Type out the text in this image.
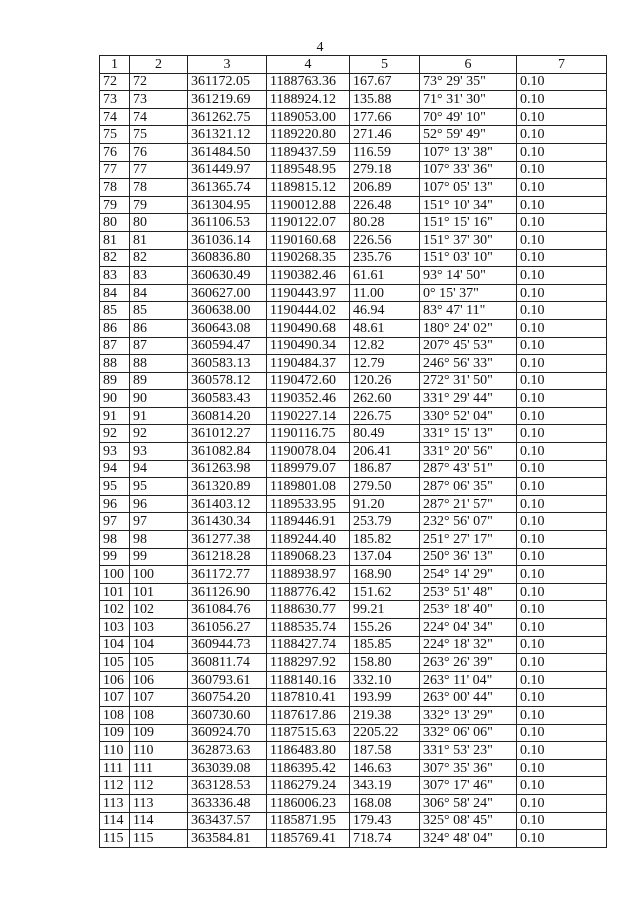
4
1	2	3	4	5	6	7
72	72	361172.05	1188763.36	167.67	73° 29' 35"	0.10
73	73	361219.69	1188924.12	135.88	71° 31' 30"	0.10
74	74	361262.75	1189053.00	177.66	70° 49' 10"	0.10
75	75	361321.12	1189220.80	271.46	52° 59' 49"	0.10
76	76	361484.50	1189437.59	116.59	107° 13' 38"	0.10
77	77	361449.97	1189548.95	279.18	107° 33' 36"	0.10
78	78	361365.74	1189815.12	206.89	107° 05' 13"	0.10
79	79	361304.95	1190012.88	226.48	151° 10' 34"	0.10
80	80	361106.53	1190122.07	80.28	151° 15' 16"	0.10
81	81	361036.14	1190160.68	226.56	151° 37' 30"	0.10
82	82	360836.80	1190268.35	235.76	151° 03' 10"	0.10
83	83	360630.49	1190382.46	61.61	93° 14' 50"	0.10
84	84	360627.00	1190443.97	11.00	0° 15' 37"	0.10
85	85	360638.00	1190444.02	46.94	83° 47' 11"	0.10
86	86	360643.08	1190490.68	48.61	180° 24' 02"	0.10
87	87	360594.47	1190490.34	12.82	207° 45' 53"	0.10
88	88	360583.13	1190484.37	12.79	246° 56' 33"	0.10
89	89	360578.12	1190472.60	120.26	272° 31' 50"	0.10
90	90	360583.43	1190352.46	262.60	331° 29' 44"	0.10
91	91	360814.20	1190227.14	226.75	330° 52' 04"	0.10
92	92	361012.27	1190116.75	80.49	331° 15' 13"	0.10
93	93	361082.84	1190078.04	206.41	331° 20' 56"	0.10
94	94	361263.98	1189979.07	186.87	287° 43' 51"	0.10
95	95	361320.89	1189801.08	279.50	287° 06' 35"	0.10
96	96	361403.12	1189533.95	91.20	287° 21' 57"	0.10
97	97	361430.34	1189446.91	253.79	232° 56' 07"	0.10
98	98	361277.38	1189244.40	185.82	251° 27' 17"	0.10
99	99	361218.28	1189068.23	137.04	250° 36' 13"	0.10
100	100	361172.77	1188938.97	168.90	254° 14' 29"	0.10
101	101	361126.90	1188776.42	151.62	253° 51' 48"	0.10
102	102	361084.76	1188630.77	99.21	253° 18' 40"	0.10
103	103	361056.27	1188535.74	155.26	224° 04' 34"	0.10
104	104	360944.73	1188427.74	185.85	224° 18' 32"	0.10
105	105	360811.74	1188297.92	158.80	263° 26' 39"	0.10
106	106	360793.61	1188140.16	332.10	263° 11' 04"	0.10
107	107	360754.20	1187810.41	193.99	263° 00' 44"	0.10
108	108	360730.60	1187617.86	219.38	332° 13' 29"	0.10
109	109	360924.70	1187515.63	2205.22	332° 06' 06"	0.10
110	110	362873.63	1186483.80	187.58	331° 53' 23"	0.10
111	111	363039.08	1186395.42	146.63	307° 35' 36"	0.10
112	112	363128.53	1186279.24	343.19	307° 17' 46"	0.10
113	113	363336.48	1186006.23	168.08	306° 58' 24"	0.10
114	114	363437.57	1185871.95	179.43	325° 08' 45"	0.10
115	115	363584.81	1185769.41	718.74	324° 48' 04"	0.10
